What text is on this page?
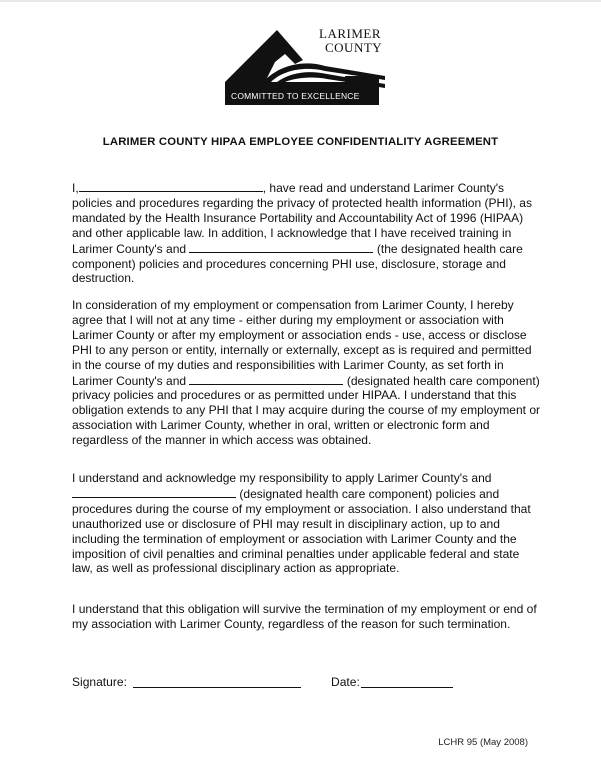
LARIMER
COUNTY
COMMITTED TO EXCELLENCE
LARIMER COUNTY HIPAA EMPLOYEE CONFIDENTIALITY AGREEMENT

I,	, have read and understand Larimer County's policies and procedures regarding the privacy of protected health information (PHI), as mandated by the Health Insurance Portability and Accountability Act of 1996 (HIPAA) and other applicable law. In addition, I acknowledge that I have received training in Larimer County's and	(the designated health care component) policies and procedures concerning PHI use, disclosure, storage and destruction.

In consideration of my employment or compensation from Larimer County, I hereby agree that I will not at any time - either during my employment or association with Larimer County or after my employment or association ends - use, access or disclose PHI to any person or entity, internally or externally, except as is required and permitted in the course of my duties and responsibilities with Larimer County, as set forth in Larimer County's and	(designated health care component) privacy policies and procedures or as permitted under HIPAA. I understand that this obligation extends to any PHI that I may acquire during the course of my employment or association with Larimer County, whether in oral, written or electronic form and regardless of the manner in which access was obtained.

I understand and acknowledge my responsibility to apply Larimer County's and  (designated health care component) policies and procedures during the course of my employment or association. I also understand that unauthorized use or disclosure of PHI may result in disciplinary action, up to and including the termination of employment or association with Larimer County and the imposition of civil penalties and criminal penalties under applicable federal and state law, as well as professional disciplinary action as appropriate.

I understand that this obligation will survive the termination of my employment or end of my association with Larimer County, regardless of the reason for such termination.

Signature:	Date:
LCHR 95 (May 2008)
